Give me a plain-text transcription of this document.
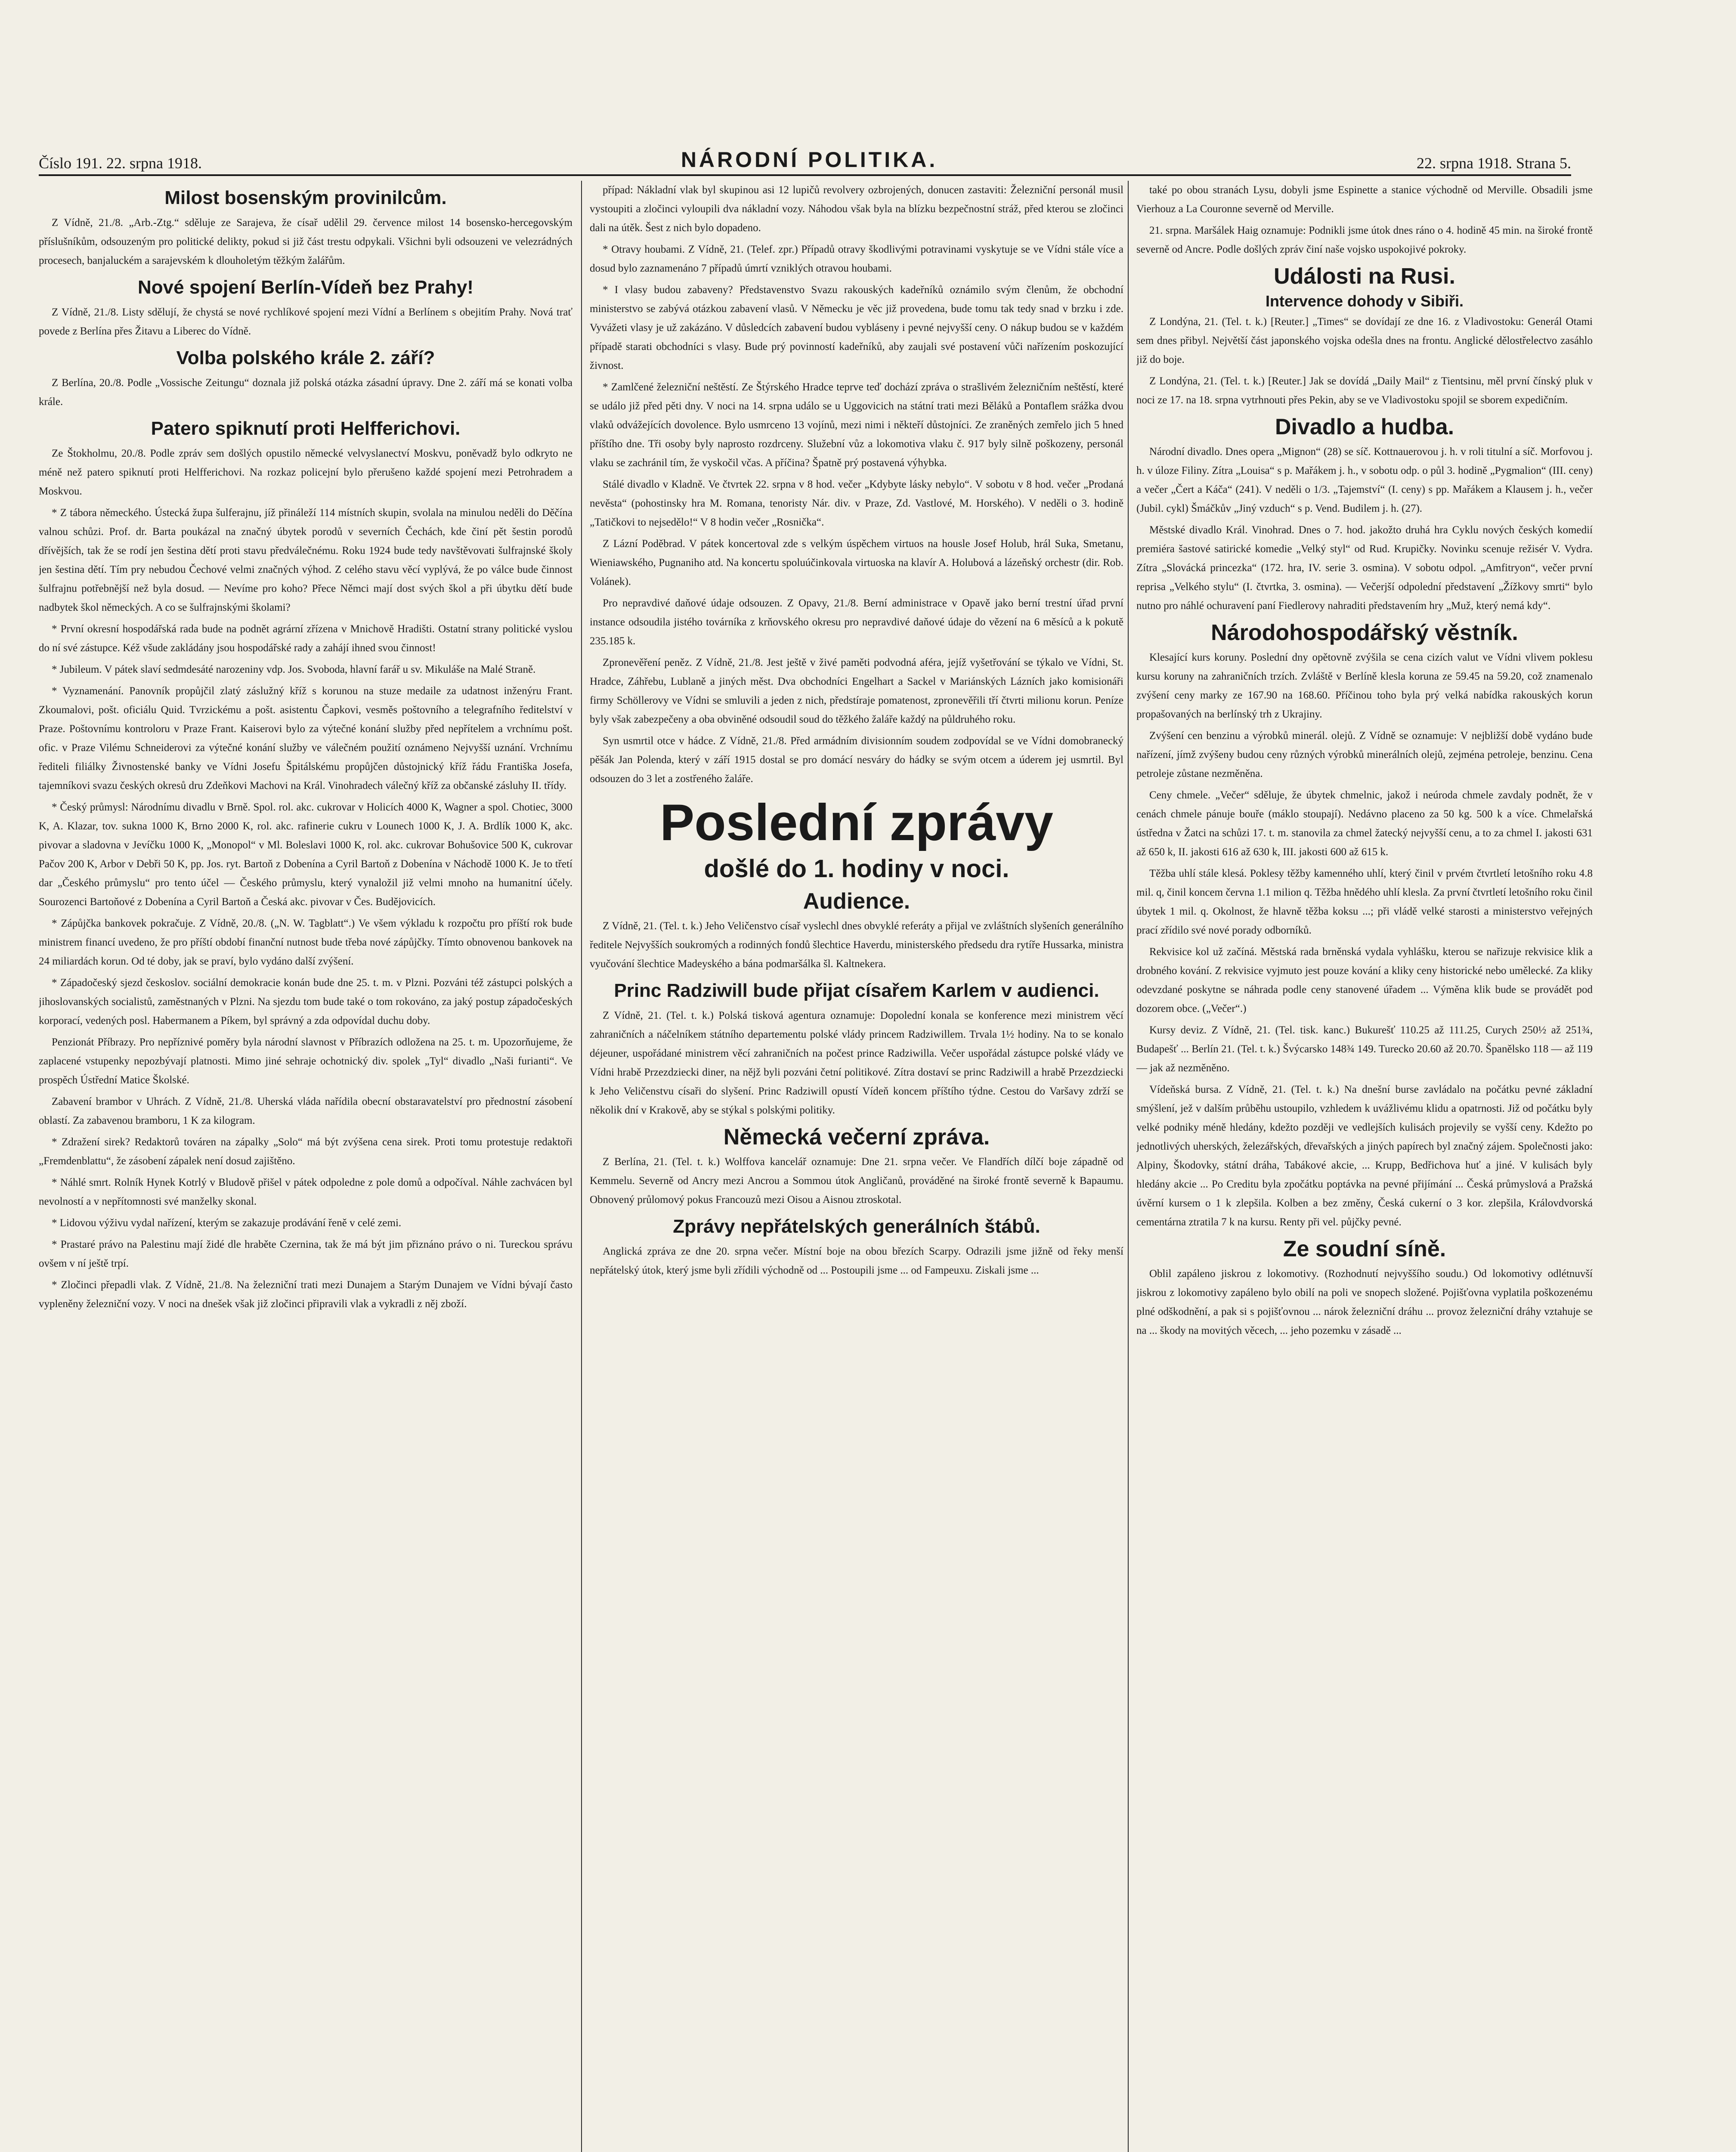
Číslo 191. 22. srpna 1918.	NÁRODNÍ POLITIKA.	22. srpna 1918. Strana 5.
Milost bosenským provinilcům.

Z Vídně, 21./8. „Arb.-Ztg.“ sděluje ze Sarajeva, že císař udělil 29. července milost 14 bosensko-hercegovským příslušníkům, odsouzeným pro politické delikty, pokud si již část trestu odpykali. Všichni byli odsouzeni ve velezrádných procesech, banjaluckém a sarajevském k dlouholetým těžkým žalářům.

Nové spojení Berlín-Vídeň bez Prahy!

Z Vídně, 21./8. Listy sdělují, že chystá se nové rychlíkové spojení mezi Vídní a Berlínem s obejitím Prahy. Nová trať povede z Berlína přes Žitavu a Liberec do Vídně.

Volba polského krále 2. září?

Z Berlína, 20./8. Podle „Vossische Zeitungu“ doznala již polská otázka zásadní úpravy. Dne 2. září má se konati volba krále.

Patero spiknutí proti Helfferichovi.

Ze Štokholmu, 20./8. Podle zpráv sem došlých opustilo německé velvyslanectví Moskvu, poněvadž bylo odkryto ne méně než patero spiknutí proti Helfferichovi. Na rozkaz policejní bylo přerušeno každé spojení mezi Petrohradem a Moskvou.

* Z tábora německého. Ústecká župa šulferajnu, jíž přináleží 114 místních skupin, svolala na minulou neděli do Děčína valnou schůzi. Prof. dr. Barta poukázal na značný úbytek porodů v severních Čechách, kde činí pět šestin porodů dřívějších, tak že se rodí jen šestina dětí proti stavu předválečnému. Roku 1924 bude tedy navštěvovati šulfrajnské školy jen šestina dětí. Tím pry nebudou Čechové velmi značných výhod. Z celého stavu věcí vyplývá, že po válce bude činnost šulfrajnu potřebnější než byla dosud. — Nevíme pro koho? Přece Němci mají dost svých škol a při úbytku dětí bude nadbytek škol německých. A co se šulfrajnskými školami?

* První okresní hospodářská rada bude na podnět agrární zřízena v Mnichově Hradišti. Ostatní strany politické vyslou do ní své zástupce. Kéž všude zakládány jsou hospodářské rady a zahájí ihned svou činnost!

* Jubileum. V pátek slaví sedmdesáté narozeniny vdp. Jos. Svoboda, hlavní farář u sv. Mikuláše na Malé Straně.

* Vyznamenání. Panovník propůjčil zlatý záslužný kříž s korunou na stuze medaile za udatnost inženýru Frant. Zkoumalovi, pošt. oficiálu Quid. Tvrzickému a pošt. asistentu Čapkovi, vesměs poštovního a telegrafního ředitelství v Praze. Poštovnímu kontroloru v Praze Frant. Kaiserovi bylo za výtečné konání služby před nepřítelem a vrchnímu pošt. ofic. v Praze Vilému Schneiderovi za výtečné konání služby ve válečném použití oznámeno Nejvyšší uznání. Vrchnímu řediteli filiálky Živnostenské banky ve Vídni Josefu Špitálskému propůjčen důstojnický kříž řádu Františka Josefa, tajemníkovi svazu českých okresů dru Zdeňkovi Machovi na Král. Vinohradech válečný kříž za občanské zásluhy II. třídy.

* Český průmysl: Národnímu divadlu v Brně. Spol. rol. akc. cukrovar v Holicích 4000 K, Wagner a spol. Chotiec, 3000 K, A. Klazar, tov. sukna 1000 K, Brno 2000 K, rol. akc. rafinerie cukru v Lounech 1000 K, J. A. Brdlík 1000 K, akc. pivovar a sladovna v Jevíčku 1000 K, „Monopol“ v Ml. Boleslavi 1000 K, rol. akc. cukrovar Bohušovice 500 K, cukrovar Pačov 200 K, Arbor v Debři 50 K, pp. Jos. ryt. Bartoň z Dobenína a Cyril Bartoň z Dobenína v Náchodě 1000 K. Je to třetí dar „Českého průmyslu“ pro tento účel — Českého průmyslu, který vynaložil již velmi mnoho na humanitní účely. Sourozenci Bartoňové z Dobenína a Cyril Bartoň a Česká akc. pivovar v Čes. Budějovicích.

* Zápůjčka bankovek pokračuje. Z Vídně, 20./8. („N. W. Tagblatt“.) Ve všem výkladu k rozpočtu pro příští rok bude ministrem financí uvedeno, že pro příští období finanční nutnost bude třeba nové zápůjčky. Tímto obnovenou bankovek na 24 miliardách korun. Od té doby, jak se praví, bylo vydáno další zvýšení.

* Západočeský sjezd českoslov. sociální demokracie konán bude dne 25. t. m. v Plzni. Pozváni též zástupci polských a jihoslovanských socialistů, zaměstnaných v Plzni. Na sjezdu tom bude také o tom rokováno, za jaký postup západočeských korporací, vedených posl. Habermanem a Píkem, byl správný a zda odpovídal duchu doby.

Penzionát Příbrazy. Pro nepříznivé poměry byla národní slavnost v Příbrazích odložena na 25. t. m. Upozorňujeme, že zaplacené vstupenky nepozbývají platnosti. Mimo jiné sehraje ochotnický div. spolek „Tyl“ divadlo „Naši furianti“. Ve prospěch Ústřední Matice Školské.

Zabavení brambor v Uhrách. Z Vídně, 21./8. Uherská vláda nařídila obecní obstaravatelství pro přednostní zásobení oblastí. Za zabavenou bramboru, 1 K za kilogram.

* Zdražení sirek? Redaktorů továren na zápalky „Solo“ má být zvýšena cena sirek. Proti tomu protestuje redaktoři „Fremdenblattu“, že zásobení zápalek není dosud zajištěno.

* Náhlé smrt. Rolník Hynek Kotrlý v Bludově přišel v pátek odpoledne z pole domů a odpočíval. Náhle zachvácen byl nevolností a v nepřítomnosti své manželky skonal.

* Lidovou výživu vydal nařízení, kterým se zakazuje prodávání řeně v celé zemi.

* Prastaré právo na Palestinu mají židé dle hraběte Czernina, tak že má být jim přiznáno právo o ni. Tureckou správu ovšem v ní ještě trpí.

* Zločinci přepadli vlak. Z Vídně, 21./8. Na železniční trati mezi Dunajem a Starým Dunajem ve Vídni bývají často vypleněny železniční vozy. V noci na dnešek však již zločinci připravili vlak a vykradli z něj zboží.

případ: Nákladní vlak byl skupinou asi 12 lupičů revolvery ozbrojených, donucen zastaviti: Železniční personál musil vystoupiti a zločinci vyloupili dva nákladní vozy. Náhodou však byla na blízku bezpečnostní stráž, před kterou se zločinci dali na útěk. Šest z nich bylo dopadeno.

* Otravy houbami. Z Vídně, 21. (Telef. zpr.) Případů otravy škodlivými potravinami vyskytuje se ve Vídni stále více a dosud bylo zaznamenáno 7 případů úmrtí vzniklých otravou houbami.

* I vlasy budou zabaveny? Představenstvo Svazu rakouských kadeřníků oznámilo svým členům, že obchodní ministerstvo se zabývá otázkou zabavení vlasů. V Německu je věc již provedena, bude tomu tak tedy snad v brzku i zde. Vyvážeti vlasy je už zakázáno. V důsledcích zabavení budou vybláseny i pevné nejvyšší ceny. O nákup budou se v každém případě starati obchodníci s vlasy. Bude prý povinností kadeřníků, aby zaujali své postavení vůči nařízením poskozující živnost.

* Zamlčené železniční neštěstí. Ze Štýrského Hradce teprve teď dochází zpráva o strašlivém železničním neštěstí, které se událo již před pěti dny. V noci na 14. srpna událo se u Uggovicich na státní trati mezi Běláků a Pontaflem srážka dvou vlaků odvážejících dovolence. Bylo usmrceno 13 vojínů, mezi nimi i někteří důstojníci. Ze zraněných zemřelo jich 5 hned příštího dne. Tři osoby byly naprosto rozdrceny. Služební vůz a lokomotiva vlaku č. 917 byly silně poškozeny, personál vlaku se zachránil tím, že vyskočil včas. A příčina? Špatně prý postavená výhybka.

Stálé divadlo v Kladně. Ve čtvrtek 22. srpna v 8 hod. večer „Kdybyte lásky nebylo“. V sobotu v 8 hod. večer „Prodaná nevěsta“ (pohostinsky hra M. Romana, tenoristy Nár. div. v Praze, Zd. Vastlové, M. Horského). V neděli o 3. hodině „Tatičkovi to nejsedělo!“ V 8 hodin večer „Rosnička“.

Z Lázní Poděbrad. V pátek koncertoval zde s velkým úspěchem virtuos na housle Josef Holub, hrál Suka, Smetanu, Wieniawského, Pugnaniho atd. Na koncertu spoluúčinkovala virtuoska na klavír A. Holubová a lázeňský orchestr (dir. Rob. Volánek).

Pro nepravdivé daňové údaje odsouzen. Z Opavy, 21./8. Berní administrace v Opavě jako berní trestní úřad první instance odsoudila jistého továrníka z krňovského okresu pro nepravdivé daňové údaje do vězení na 6 měsíců a k pokutě 235.185 k.

Zpronevěření peněz. Z Vídně, 21./8. Jest ještě v živé paměti podvodná aféra, jejíž vyšetřování se týkalo ve Vídni, St. Hradce, Záhřebu, Lublaně a jiných měst. Dva obchodníci Engelhart a Sackel v Mariánských Lázních jako komisionáři firmy Schöllerovy ve Vídni se smluvili a jeden z nich, předstíraje pomatenost, zpronevěřili tří čtvrti milionu korun. Peníze byly však zabezpečeny a oba obviněné odsoudil soud do těžkého žaláře každý na půldruhého roku.

Syn usmrtil otce v hádce. Z Vídně, 21./8. Před armádním divisionním soudem zodpovídal se ve Vídni domobranecký pěšák Jan Polenda, který v září 1915 dostal se pro domácí nesváry do hádky se svým otcem a úderem jej usmrtil. Byl odsouzen do 3 let a zostřeného žaláře.

Poslední zprávy
došlé do 1. hodiny v noci.
Audience.

Z Vídně, 21. (Tel. t. k.) Jeho Veličenstvo císař vyslechl dnes obvyklé referáty a přijal ve zvláštních slyšeních generálního ředitele Nejvyšších soukromých a rodinných fondů šlechtice Haverdu, ministerského předsedu dra rytíře Hussarka, ministra vyučování šlechtice Madeyského a bána podmaršálka šl. Kaltnekera.

Princ Radziwill bude přijat císařem Karlem v audienci.

Z Vídně, 21. (Tel. t. k.) Polská tisková agentura oznamuje: Dopolední konala se konference mezi ministrem věcí zahraničních a náčelníkem státního departementu polské vlády princem Radziwillem. Trvala 1½ hodiny. Na to se konalo déjeuner, uspořádané ministrem věcí zahraničních na počest prince Radziwilla. Večer uspořádal zástupce polské vlády ve Vídni hrabě Przezdziecki diner, na nějž byli pozváni četní politikové. Zítra dostaví se princ Radziwill a hrabě Przezdziecki k Jeho Veličenstvu císaři do slyšení. Princ Radziwill opustí Vídeň koncem příštího týdne. Cestou do Varšavy zdrží se několik dní v Krakově, aby se stýkal s polskými politiky.

Německá večerní zpráva.

Z Berlína, 21. (Tel. t. k.) Wolffova kancelář oznamuje: Dne 21. srpna večer. Ve Flandřích dílčí boje západně od Kemmelu. Severně od Ancry mezi Ancrou a Sommou útok Angličanů, prováděné na široké frontě severně k Bapaumu. Obnovený průlomový pokus Francouzů mezi Oisou a Aisnou ztroskotal.

Zprávy nepřátelských generálních štábů.

Anglická zpráva ze dne 20. srpna večer. Místní boje na obou březích Scarpy. Odrazili jsme jižně od řeky menší nepřátelský útok, který jsme byli zřídili východně od ... Postoupili jsme ... od Fampeuxu. Ziskali jsme ...

také po obou stranách Lysu, dobyli jsme Espinette a stanice východně od Merville. Obsadili jsme Vierhouz a La Couronne severně od Merville.

21. srpna. Maršálek Haig oznamuje: Podnikli jsme útok dnes ráno o 4. hodině 45 min. na široké frontě severně od Ancre. Podle došlých zpráv činí naše vojsko uspokojivé pokroky.

Události na Rusi.
Intervence dohody v Sibiři.

Z Londýna, 21. (Tel. t. k.) [Reuter.] „Times“ se dovídají ze dne 16. z Vladivostoku: Generál Otami sem dnes přibyl. Největší část japonského vojska odešla dnes na frontu. Anglické dělostřelectvo zasáhlo již do boje.

Z Londýna, 21. (Tel. t. k.) [Reuter.] Jak se dovídá „Daily Mail“ z Tientsinu, měl první čínský pluk v noci ze 17. na 18. srpna vytrhnouti přes Pekin, aby se ve Vladivostoku spojil se sborem expedičním.

Divadlo a hudba.

Národní divadlo. Dnes opera „Mignon“ (28) se síč. Kottnauerovou j. h. v roli titulní a síč. Morfovou j. h. v úloze Filiny. Zítra „Louisa“ s p. Mařákem j. h., v sobotu odp. o půl 3. hodině „Pygmalion“ (III. ceny) a večer „Čert a Káča“ (241). V neděli o 1/3. „Tajemství“ (I. ceny) s pp. Mařákem a Klausem j. h., večer (Jubil. cykl) Šmáčkův „Jiný vzduch“ s p. Vend. Budilem j. h. (27).

Městské divadlo Král. Vinohrad. Dnes o 7. hod. jakožto druhá hra Cyklu nových českých komedií premiéra šastové satirické komedie „Velký styl“ od Rud. Krupičky. Novinku scenuje režisér V. Vydra. Zítra „Slovácká princezka“ (172. hra, IV. serie 3. osmina). V sobotu odpol. „Amfitryon“, večer první reprisa „Velkého stylu“ (I. čtvrtka, 3. osmina). — Večerjší odpolední představení „Žížkovy smrti“ bylo nutno pro náhlé ochuravení paní Fiedlerovy nahraditi představením hry „Muž, který nemá kdy“.

Národohospodářský věstník.

Klesající kurs koruny. Poslední dny opětovně zvýšila se cena cizích valut ve Vídni vlivem poklesu kursu koruny na zahraničních trzích. Zvláště v Berlíně klesla koruna ze 59.45 na 59.20, což znamenalo zvýšení ceny marky ze 167.90 na 168.60. Příčinou toho byla prý velká nabídka rakouských korun propašovaných na berlínský trh z Ukrajiny.

Zvýšení cen benzinu a výrobků minerál. olejů. Z Vídně se oznamuje: V nejbližší době vydáno bude nařízení, jímž zvýšeny budou ceny různých výrobků minerálních olejů, zejména petroleje, benzinu. Cena petroleje zůstane nezměněna.

Ceny chmele. „Večer“ sděluje, že úbytek chmelnic, jakož i neúroda chmele zavdaly podnět, že v cenách chmele pánuje bouře (máklo stoupají). Nedávno placeno za 50 kg. 500 k a více. Chmelařská ústředna v Žatci na schůzi 17. t. m. stanovila za chmel žatecký nejvyšší cenu, a to za chmel I. jakosti 631 až 650 k, II. jakosti 616 až 630 k, III. jakosti 600 až 615 k.

Těžba uhlí stále klesá. Poklesy těžby kamenného uhlí, který činil v prvém čtvrtletí letošního roku 4.8 mil. q, činil koncem června 1.1 milion q. Těžba hnědého uhlí klesla. Za první čtvrtletí letošního roku činil úbytek 1 mil. q. Okolnost, že hlavně těžba koksu ...; při vládě velké starosti a ministerstvo veřejných prací zřídilo své nové porady odborníků.

Rekvisice kol už začíná. Městská rada brněnská vydala vyhlášku, kterou se nařizuje rekvisice klik a drobného kování. Z rekvisice vyjmuto jest pouze kování a kliky ceny historické nebo umělecké. Za kliky odevzdané poskytne se náhrada podle ceny stanovené úřadem ... Výměna klik bude se provádět pod dozorem obce. („Večer“.)

Kursy deviz. Z Vídně, 21. (Tel. tisk. kanc.) Bukurešť 110.25 až 111.25, Curych 250½ až 251¾, Budapešť ... Berlín 21. (Tel. t. k.) Švýcarsko 148¾ 149. Turecko 20.60 až 20.70. Španělsko 118 — až 119 — jak až nezměněno.

Vídeňská bursa. Z Vídně, 21. (Tel. t. k.) Na dnešní burse zavládalo na počátku pevné základní smýšlení, jež v dalším průběhu ustoupilo, vzhledem k uvážlivému klidu a opatrnosti. Již od počátku byly velké podniky méně hledány, kdežto později ve vedlejších kulisách projevily se vyšší ceny. Kdežto po jednotlivých uherských, železářských, dřevařských a jiných papírech byl značný zájem. Společnosti jako: Alpiny, Škodovky, státní dráha, Tabákové akcie, ... Krupp, Bedřichova huť a jiné. V kulisách byly hledány akcie ... Po Creditu byla zpočátku poptávka na pevné přijímání ... Česká průmyslová a Pražská úvěrní kursem o 1 k zlepšila. Kolben a bez změny, Česká cukerní o 3 kor. zlepšila, Královdvorská cementárna ztratila 7 k na kursu. Renty při vel. půjčky pevné.

Ze soudní síně.

Oblil zapáleno jiskrou z lokomotivy. (Rozhodnutí nejvyššího soudu.) Od lokomotivy odlétnuvší jiskrou z lokomotivy zapáleno bylo obilí na poli ve snopech složené. Pojišťovna vyplatila poškozenému plné odškodnění, a pak si s pojišťovnou ... nárok železniční dráhu ... provoz železniční dráhy vztahuje se na ... škody na movitých věcech, ... jeho pozemku v zásadě ...
